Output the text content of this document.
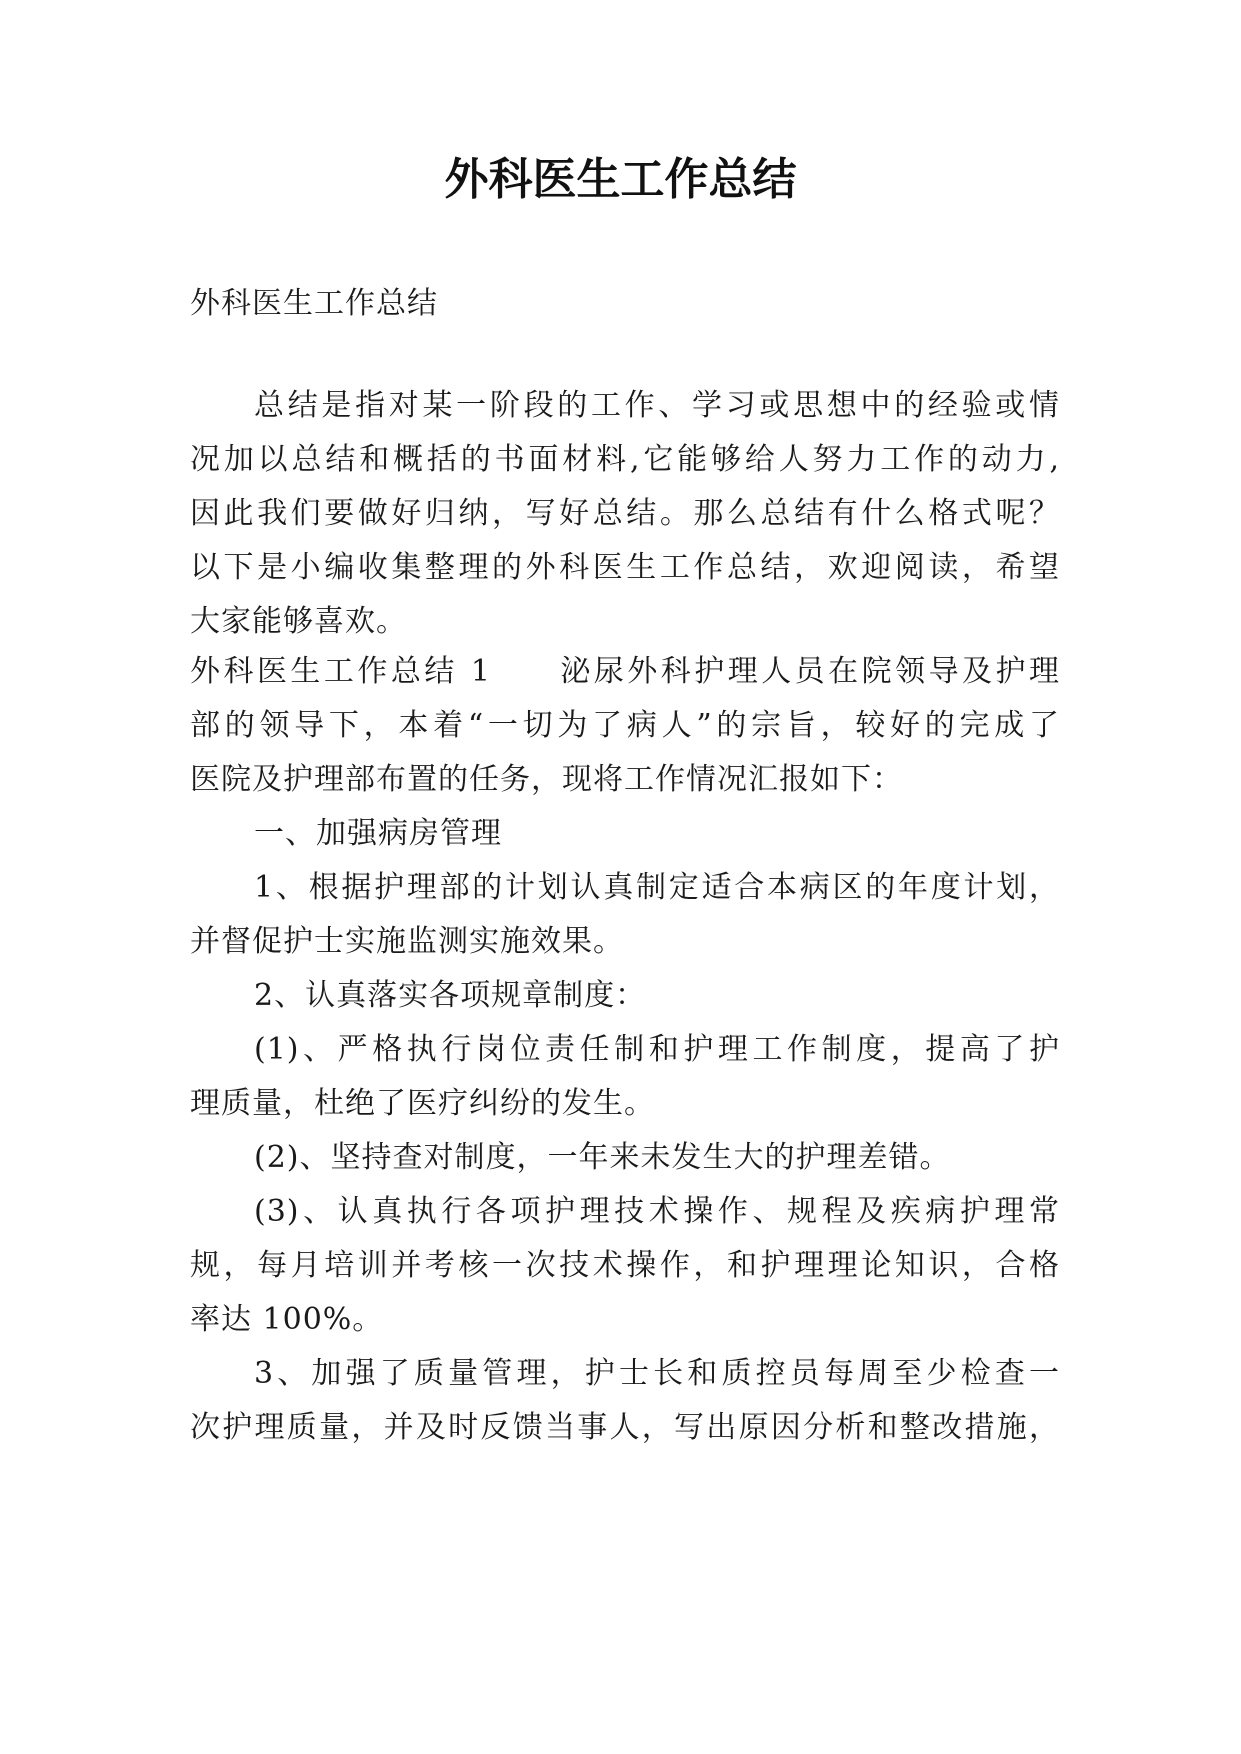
外科医生工作总结
外科医生工作总结
总结是指对某一阶段的工作、学习或思想中的经验或情
况加以总结和概括的书面材料,它能够给人努力工作的动力,
因此我们要做好归纳，写好总结。那么总结有什么格式呢？
以下是小编收集整理的外科医生工作总结，欢迎阅读，希望
大家能够喜欢。
外科医生工作总结 1　　泌尿外科护理人员在院领导及护理
部的领导下，本着“一切为了病人”的宗旨，较好的完成了
医院及护理部布置的任务，现将工作情况汇报如下：
一、加强病房管理
1、根据护理部的计划认真制定适合本病区的年度计划，
并督促护士实施监测实施效果。
2、认真落实各项规章制度：
(1)、严格执行岗位责任制和护理工作制度，提高了护
理质量，杜绝了医疗纠纷的发生。
(2)、坚持查对制度，一年来未发生大的护理差错。
(3)、认真执行各项护理技术操作、规程及疾病护理常
规，每月培训并考核一次技术操作，和护理理论知识，合格
率达 100%。
3、加强了质量管理，护士长和质控员每周至少检查一
次护理质量，并及时反馈当事人，写出原因分析和整改措施，
